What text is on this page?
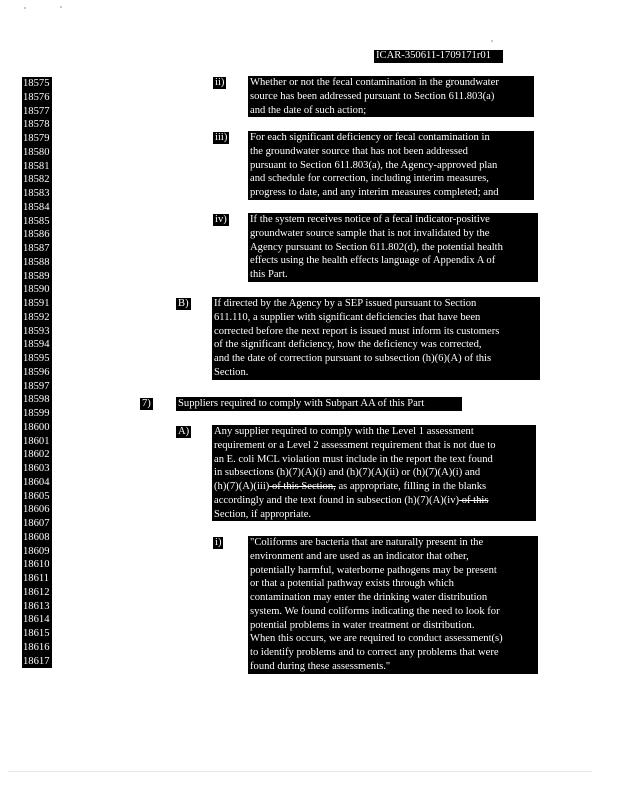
ICAR-350611-1709171r01
18575
18576
18577
18578
18579
18580
18581
18582
18583
18584
18585
18586
18587
18588
18589
18590
18591
18592
18593
18594
18595
18596
18597
18598
18599
18600
18601
18602
18603
18604
18605
18606
18607
18608
18609
18610
18611
18612
18613
18614
18615
18616
18617
ii) Whether or not the fecal contamination in the groundwater
source has been addressed pursuant to Section 611.803(a)
and the date of such action;
iii) For each significant deficiency or fecal contamination in
the groundwater source that has not been addressed
pursuant to Section 611.803(a), the Agency-approved plan
and schedule for correction, including interim measures,
progress to date, and any interim measures completed; and
iv) If the system receives notice of a fecal indicator-positive
groundwater source sample that is not invalidated by the
Agency pursuant to Section 611.802(d), the potential health
effects using the health effects language of Appendix A of
this Part.
B) If directed by the Agency by a SEP issued pursuant to Section
611.110, a supplier with significant deficiencies that have been
corrected before the next report is issued must inform its customers
of the significant deficiency, how the deficiency was corrected,
and the date of correction pursuant to subsection (h)(6)(A) of this
Section.
7)	Suppliers required to comply with Subpart AA of this Part
A) Any supplier required to comply with the Level 1 assessment
requirement or a Level 2 assessment requirement that is not due to
an E. coli MCL violation must include in the report the text found
in subsections (h)(7)(A)(i) and (h)(7)(A)(ii) or (h)(7)(A)(i) and
(h)(7)(A)(iii) of this Section, as appropriate, filling in the blanks
accordingly and the text found in subsection (h)(7)(A)(iv) of this
Section, if appropriate.
i)	"Coliforms are bacteria that are naturally present in the
environment and are used as an indicator that other,
potentially harmful, waterborne pathogens may be present
or that a potential pathway exists through which
contamination may enter the drinking water distribution
system. We found coliforms indicating the need to look for
potential problems in water treatment or distribution.
When this occurs, we are required to conduct assessment(s)
to identify problems and to correct any problems that were
found during these assessments."
